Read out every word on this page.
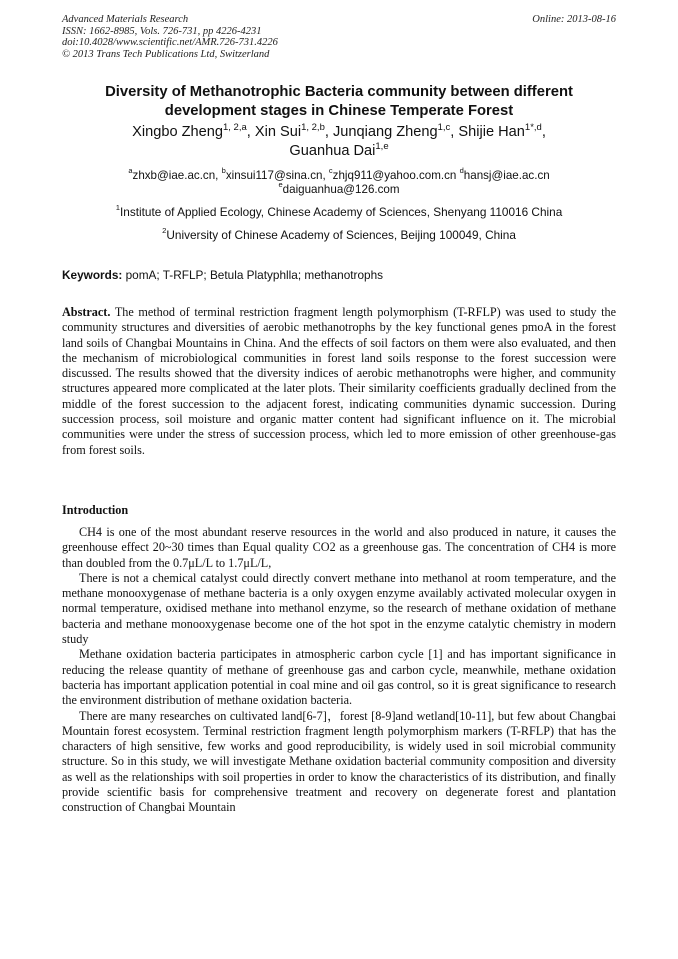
Advanced Materials Research
ISSN: 1662-8985, Vols. 726-731, pp 4226-4231
doi:10.4028/www.scientific.net/AMR.726-731.4226
© 2013 Trans Tech Publications Ltd, Switzerland
Online: 2013-08-16
Diversity of Methanotrophic Bacteria community between different development stages in Chinese Temperate Forest
Xingbo Zheng$^{1, 2,a}$, Xin Sui$^{1, 2,b}$, Junqiang Zheng$^{1,c}$, Shijie Han$^{1*,d}$,
Guanhua Dai$^{1,e}$
$^a$zhxb@iae.ac.cn, $^b$xinsui117@sina.cn, $^c$zhjq911@yahoo.com.cn $^d$hansj@iae.ac.cn
$^e$daiguanhua@126.com
$^1$Institute of Applied Ecology, Chinese Academy of Sciences, Shenyang 110016 China
$^2$University of Chinese Academy of Sciences, Beijing 100049, China
Keywords: pomA; T-RFLP; Betula Platyphlla; methanotrophs
Abstract. The method of terminal restriction fragment length polymorphism (T-RFLP) was used to study the community structures and diversities of aerobic methanotrophs by the key functional genes pmoA in the forest land soils of Changbai Mountains in China. And the effects of soil factors on them were also evaluated, and then the mechanism of microbiological communities in forest land soils response to the forest succession were discussed. The results showed that the diversity indices of aerobic methanotrophs were higher, and community structures appeared more complicated at the later plots. Their similarity coefficients gradually declined from the middle of the forest succession to the adjacent forest, indicating communities dynamic succession. During succession process, soil moisture and organic matter content had significant influence on it. The microbial communities were under the stress of succession process, which led to more emission of other greenhouse-gas from forest soils.
Introduction

CH4 is one of the most abundant reserve resources in the world and also produced in nature, it causes the greenhouse effect 20~30 times than Equal quality CO2 as a greenhouse gas. The concentration of CH4 is more than doubled from the 0.7μL/L to 1.7μL/L,

There is not a chemical catalyst could directly convert methane into methanol at room temperature, and the methane monooxygenase of methane bacteria is a only oxygen enzyme availably activated molecular oxygen in normal temperature, oxidised methane into methanol enzyme, so the research of methane oxidation of methane bacteria and methane monooxygenase become one of the hot spot in the enzyme catalytic chemistry in modern study

Methane oxidation bacteria participates in atmospheric carbon cycle [1] and has important significance in reducing the release quantity of methane of greenhouse gas and carbon cycle, meanwhile, methane oxidation bacteria has important application potential in coal mine and oil gas control, so it is great significance to research the environment distribution of methane oxidation bacteria.

There are many researches on cultivated land[6-7]，forest [8-9]and wetland[10-11], but few about Changbai Mountain forest ecosystem. Terminal restriction fragment length polymorphism markers (T-RFLP) that has the characters of high sensitive, few works and good reproducibility, is widely used in soil microbial community structure. So in this study, we will investigate Methane oxidation bacterial community composition and diversity as well as the relationships with soil properties in order to know the characteristics of its distribution, and finally provide scientific basis for comprehensive treatment and recovery on degenerate forest and plantation construction of Changbai Mountain
